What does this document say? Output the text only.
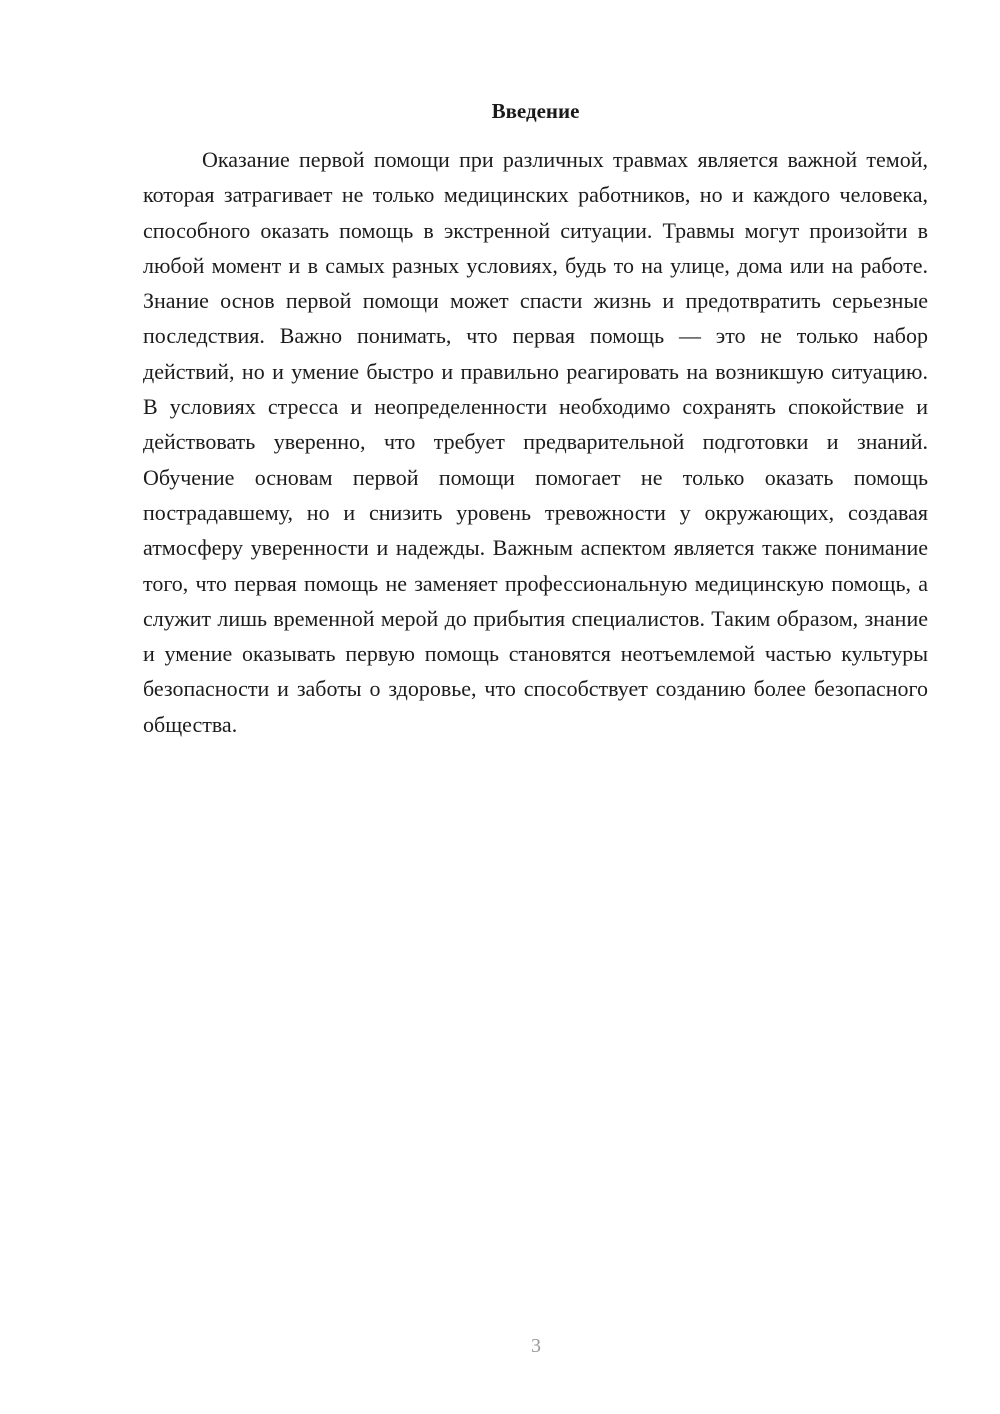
Введение

Оказание первой помощи при различных травмах является важной темой, которая затрагивает не только медицинских работников, но и каждого человека, способного оказать помощь в экстренной ситуации. Травмы могут произойти в любой момент и в самых разных условиях, будь то на улице, дома или на работе. Знание основ первой помощи может спасти жизнь и предотвратить серьезные последствия. Важно понимать, что первая помощь — это не только набор действий, но и умение быстро и правильно реагировать на возникшую ситуацию. В условиях стресса и неопределенности необходимо сохранять спокойствие и действовать уверенно, что требует предварительной подготовки и знаний. Обучение основам первой помощи помогает не только оказать помощь пострадавшему, но и снизить уровень тревожности у окружающих, создавая атмосферу уверенности и надежды. Важным аспектом является также понимание того, что первая помощь не заменяет профессиональную медицинскую помощь, а служит лишь временной мерой до прибытия специалистов. Таким образом, знание и умение оказывать первую помощь становятся неотъемлемой частью культуры безопасности и заботы о здоровье, что способствует созданию более безопасного общества.

3
